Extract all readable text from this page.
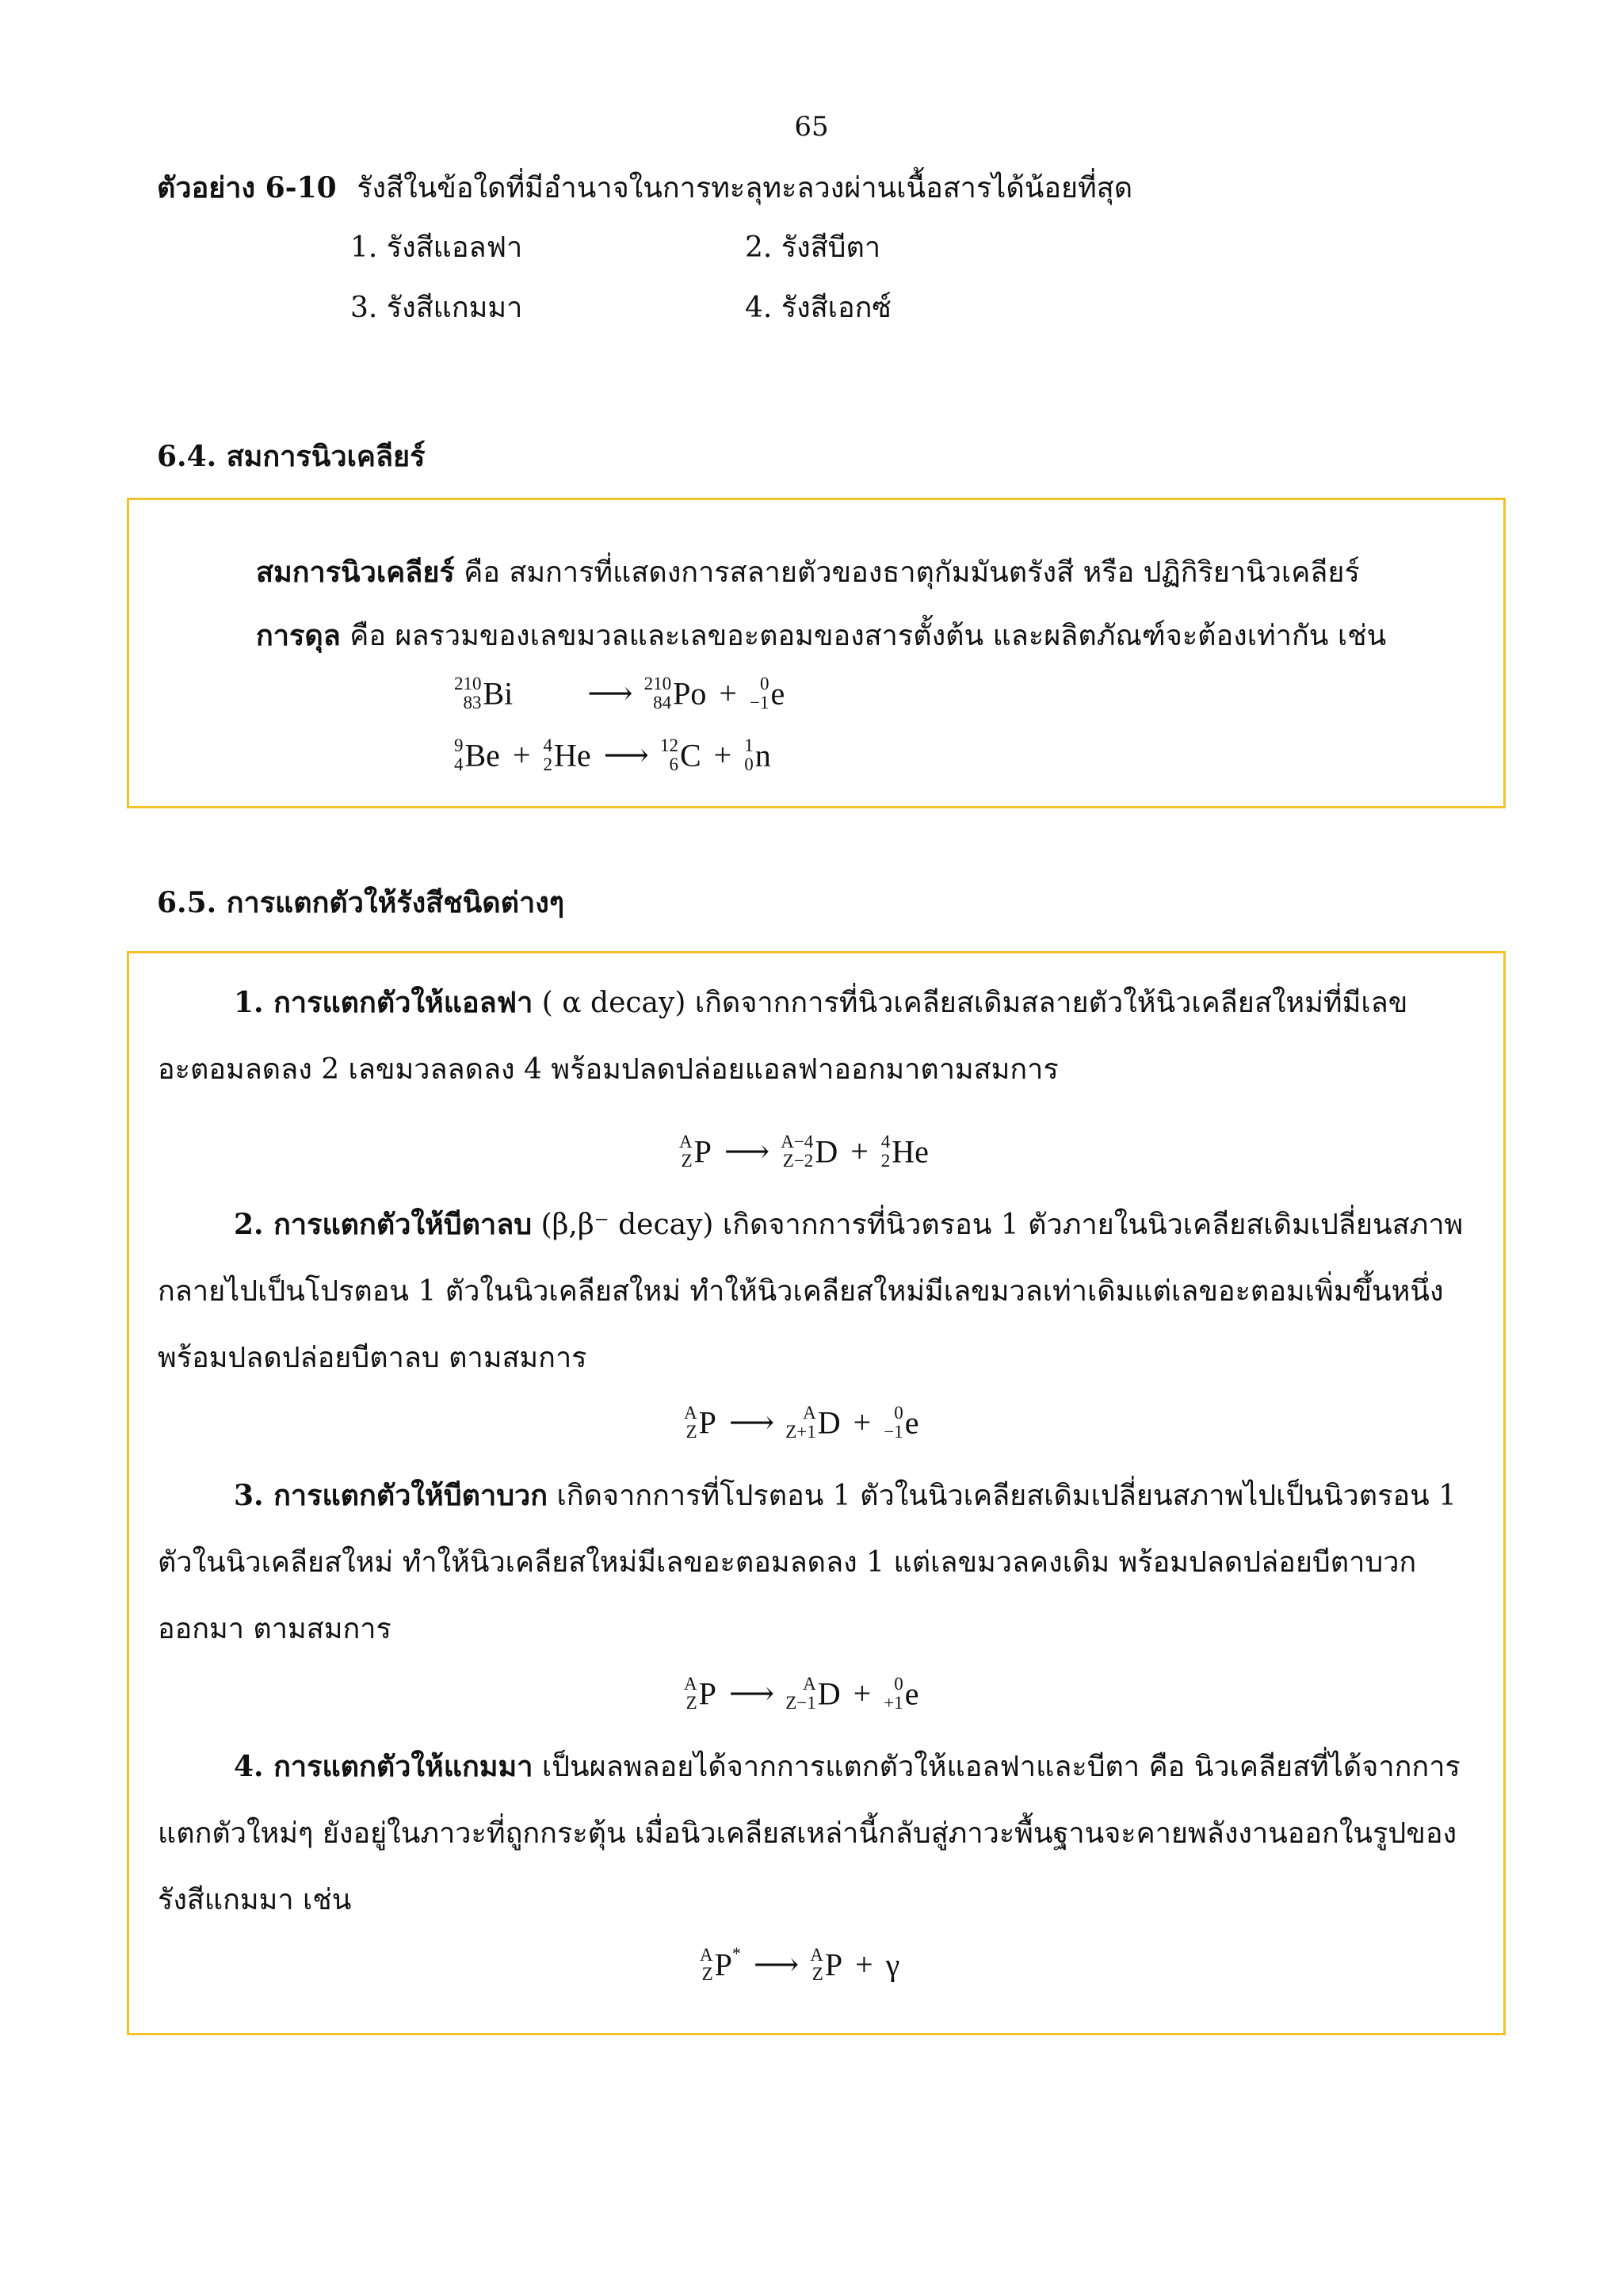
65
ตัวอย่าง 6-10 รังสีในข้อใดที่มีอำนาจในการทะลุทะลวงผ่านเนื้อสารได้น้อยที่สุด
1. รังสีแอลฟา	2. รังสีบีตา
3. รังสีแกมมา	4. รังสีเอกซ์
6.4. สมการนิวเคลียร์
สมการนิวเคลียร์ คือ สมการที่แสดงการสลายตัวของธาตุกัมมันตรังสี หรือ ปฏิกิริยานิวเคลียร์
การดุล คือ ผลรวมของเลขมวลและเลขอะตอมของสารตั้งต้น และผลิตภัณฑ์จะต้องเท่ากัน เช่น
210
83 Bi ⟶ 210
84 Po +	0
−1 e
9
4 Be + 4
2 He ⟶ 12
6 C + 1
0 n
6.5. การแตกตัวให้รังสีชนิดต่างๆ
1. การแตกตัวให้แอลฟา ( α decay) เกิดจากการที่นิวเคลียสเดิมสลายตัวให้นิวเคลียสใหม่ที่มีเลขอะตอมลดลง 2 เลขมวลลดลง 4 พร้อมปลดปล่อยแอลฟาออกมาตามสมการ
A
Z P ⟶ A−4
Z−2 D + 4
2 He
2. การแตกตัวให้บีตาลบ (β,β⁻ decay) เกิดจากการที่นิวตรอน 1 ตัวภายในนิวเคลียสเดิมเปลี่ยนสภาพกลายไปเป็นโปรตอน 1 ตัวในนิวเคลียสใหม่ ทำให้นิวเคลียสใหม่มีเลขมวลเท่าเดิมแต่เลขอะตอมเพิ่มขึ้นหนึ่ง พร้อมปลดปล่อยบีตาลบ ตามสมการ
A
Z P ⟶	A
Z+1 D +	0
−1 e
3. การแตกตัวให้บีตาบวก เกิดจากการที่โปรตอน 1 ตัวในนิวเคลียสเดิมเปลี่ยนสภาพไปเป็นนิวตรอน 1 ตัวในนิวเคลียสใหม่ ทำให้นิวเคลียสใหม่มีเลขอะตอมลดลง 1 แต่เลขมวลคงเดิม พร้อมปลดปล่อยบีตาบวกออกมา ตามสมการ
A
Z P ⟶	A
Z−1 D +	0
+1 e
4. การแตกตัวให้แกมมา เป็นผลพลอยได้จากการแตกตัวให้แอลฟาและบีตา คือ นิวเคลียสที่ได้จากการแตกตัวใหม่ๆ ยังอยู่ในภาวะที่ถูกกระตุ้น เมื่อนิวเคลียสเหล่านี้กลับสู่ภาวะพื้นฐานจะคายพลังงานออกในรูปของรังสีแกมมา เช่น
A
Z P* ⟶ A
Z P + γ
